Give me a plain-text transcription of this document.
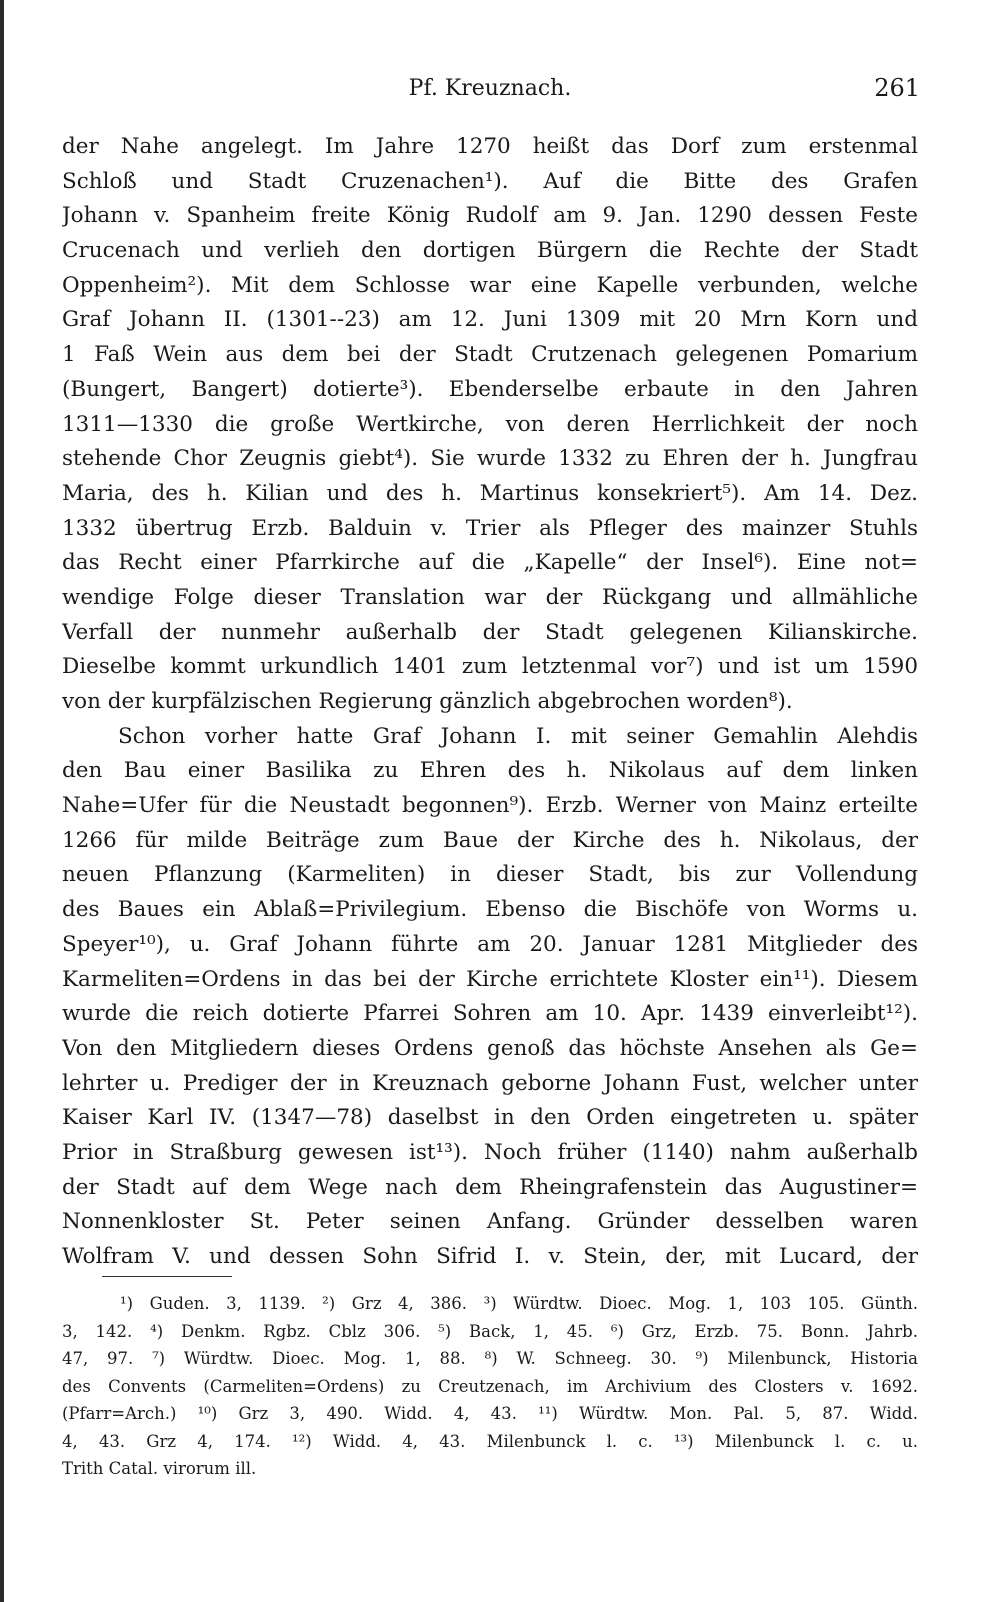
Pf. Kreuznach.	261
der Nahe angelegt. Im Jahre 1270 heißt das Dorf zum erstenmal
Schloß und Stadt Cruzenachen¹). Auf die Bitte des Grafen
Johann v. Spanheim freite König Rudolf am 9. Jan. 1290 dessen Feste
Crucenach und verlieh den dortigen Bürgern die Rechte der Stadt
Oppenheim²). Mit dem Schlosse war eine Kapelle verbunden, welche
Graf Johann II. (1301--23) am 12. Juni 1309 mit 20 Mrn Korn und
1 Faß Wein aus dem bei der Stadt Crutzenach gelegenen Pomarium
(Bungert, Bangert) dotierte³). Ebenderselbe erbaute in den Jahren
1311—1330 die große Wertkirche, von deren Herrlichkeit der noch
stehende Chor Zeugnis giebt⁴). Sie wurde 1332 zu Ehren der h. Jungfrau
Maria, des h. Kilian und des h. Martinus konsekriert⁵). Am 14. Dez.
1332 übertrug Erzb. Balduin v. Trier als Pfleger des mainzer Stuhls
das Recht einer Pfarrkirche auf die „Kapelle“ der Insel⁶). Eine not=
wendige Folge dieser Translation war der Rückgang und allmähliche
Verfall der nunmehr außerhalb der Stadt gelegenen Kilianskirche.
Dieselbe kommt urkundlich 1401 zum letztenmal vor⁷) und ist um 1590
von der kurpfälzischen Regierung gänzlich abgebrochen worden⁸).
Schon vorher hatte Graf Johann I. mit seiner Gemahlin Alehdis
den Bau einer Basilika zu Ehren des h. Nikolaus auf dem linken
Nahe=Ufer für die Neustadt begonnen⁹). Erzb. Werner von Mainz erteilte
1266 für milde Beiträge zum Baue der Kirche des h. Nikolaus, der
neuen Pflanzung (Karmeliten) in dieser Stadt, bis zur Vollendung
des Baues ein Ablaß=Privilegium. Ebenso die Bischöfe von Worms u.
Speyer¹⁰), u. Graf Johann führte am 20. Januar 1281 Mitglieder des
Karmeliten=Ordens in das bei der Kirche errichtete Kloster ein¹¹). Diesem
wurde die reich dotierte Pfarrei Sohren am 10. Apr. 1439 einverleibt¹²).
Von den Mitgliedern dieses Ordens genoß das höchste Ansehen als Ge=
lehrter u. Prediger der in Kreuznach geborne Johann Fust, welcher unter
Kaiser Karl IV. (1347—78) daselbst in den Orden eingetreten u. später
Prior in Straßburg gewesen ist¹³). Noch früher (1140) nahm außerhalb
der Stadt auf dem Wege nach dem Rheingrafenstein das Augustiner=
Nonnenkloster St. Peter seinen Anfang. Gründer desselben waren
Wolfram V. und dessen Sohn Sifrid I. v. Stein, der, mit Lucard, der
¹) Guden. 3, 1139. ²) Grz 4, 386. ³) Würdtw. Dioec. Mog. 1, 103 105. Günth.
3, 142. ⁴) Denkm. Rgbz. Cblz 306. ⁵) Back, 1, 45. ⁶) Grz, Erzb. 75. Bonn. Jahrb.
47, 97. ⁷) Würdtw. Dioec. Mog. 1, 88. ⁸) W. Schneeg. 30. ⁹) Milenbunck, Historia
des Convents (Carmeliten=Ordens) zu Creutzenach, im Archivium des Closters v. 1692.
(Pfarr=Arch.) ¹⁰) Grz 3, 490. Widd. 4, 43. ¹¹) Würdtw. Mon. Pal. 5, 87. Widd.
4, 43. Grz 4, 174. ¹²) Widd. 4, 43. Milenbunck l. c. ¹³) Milenbunck l. c. u.
Trith Catal. virorum ill.
